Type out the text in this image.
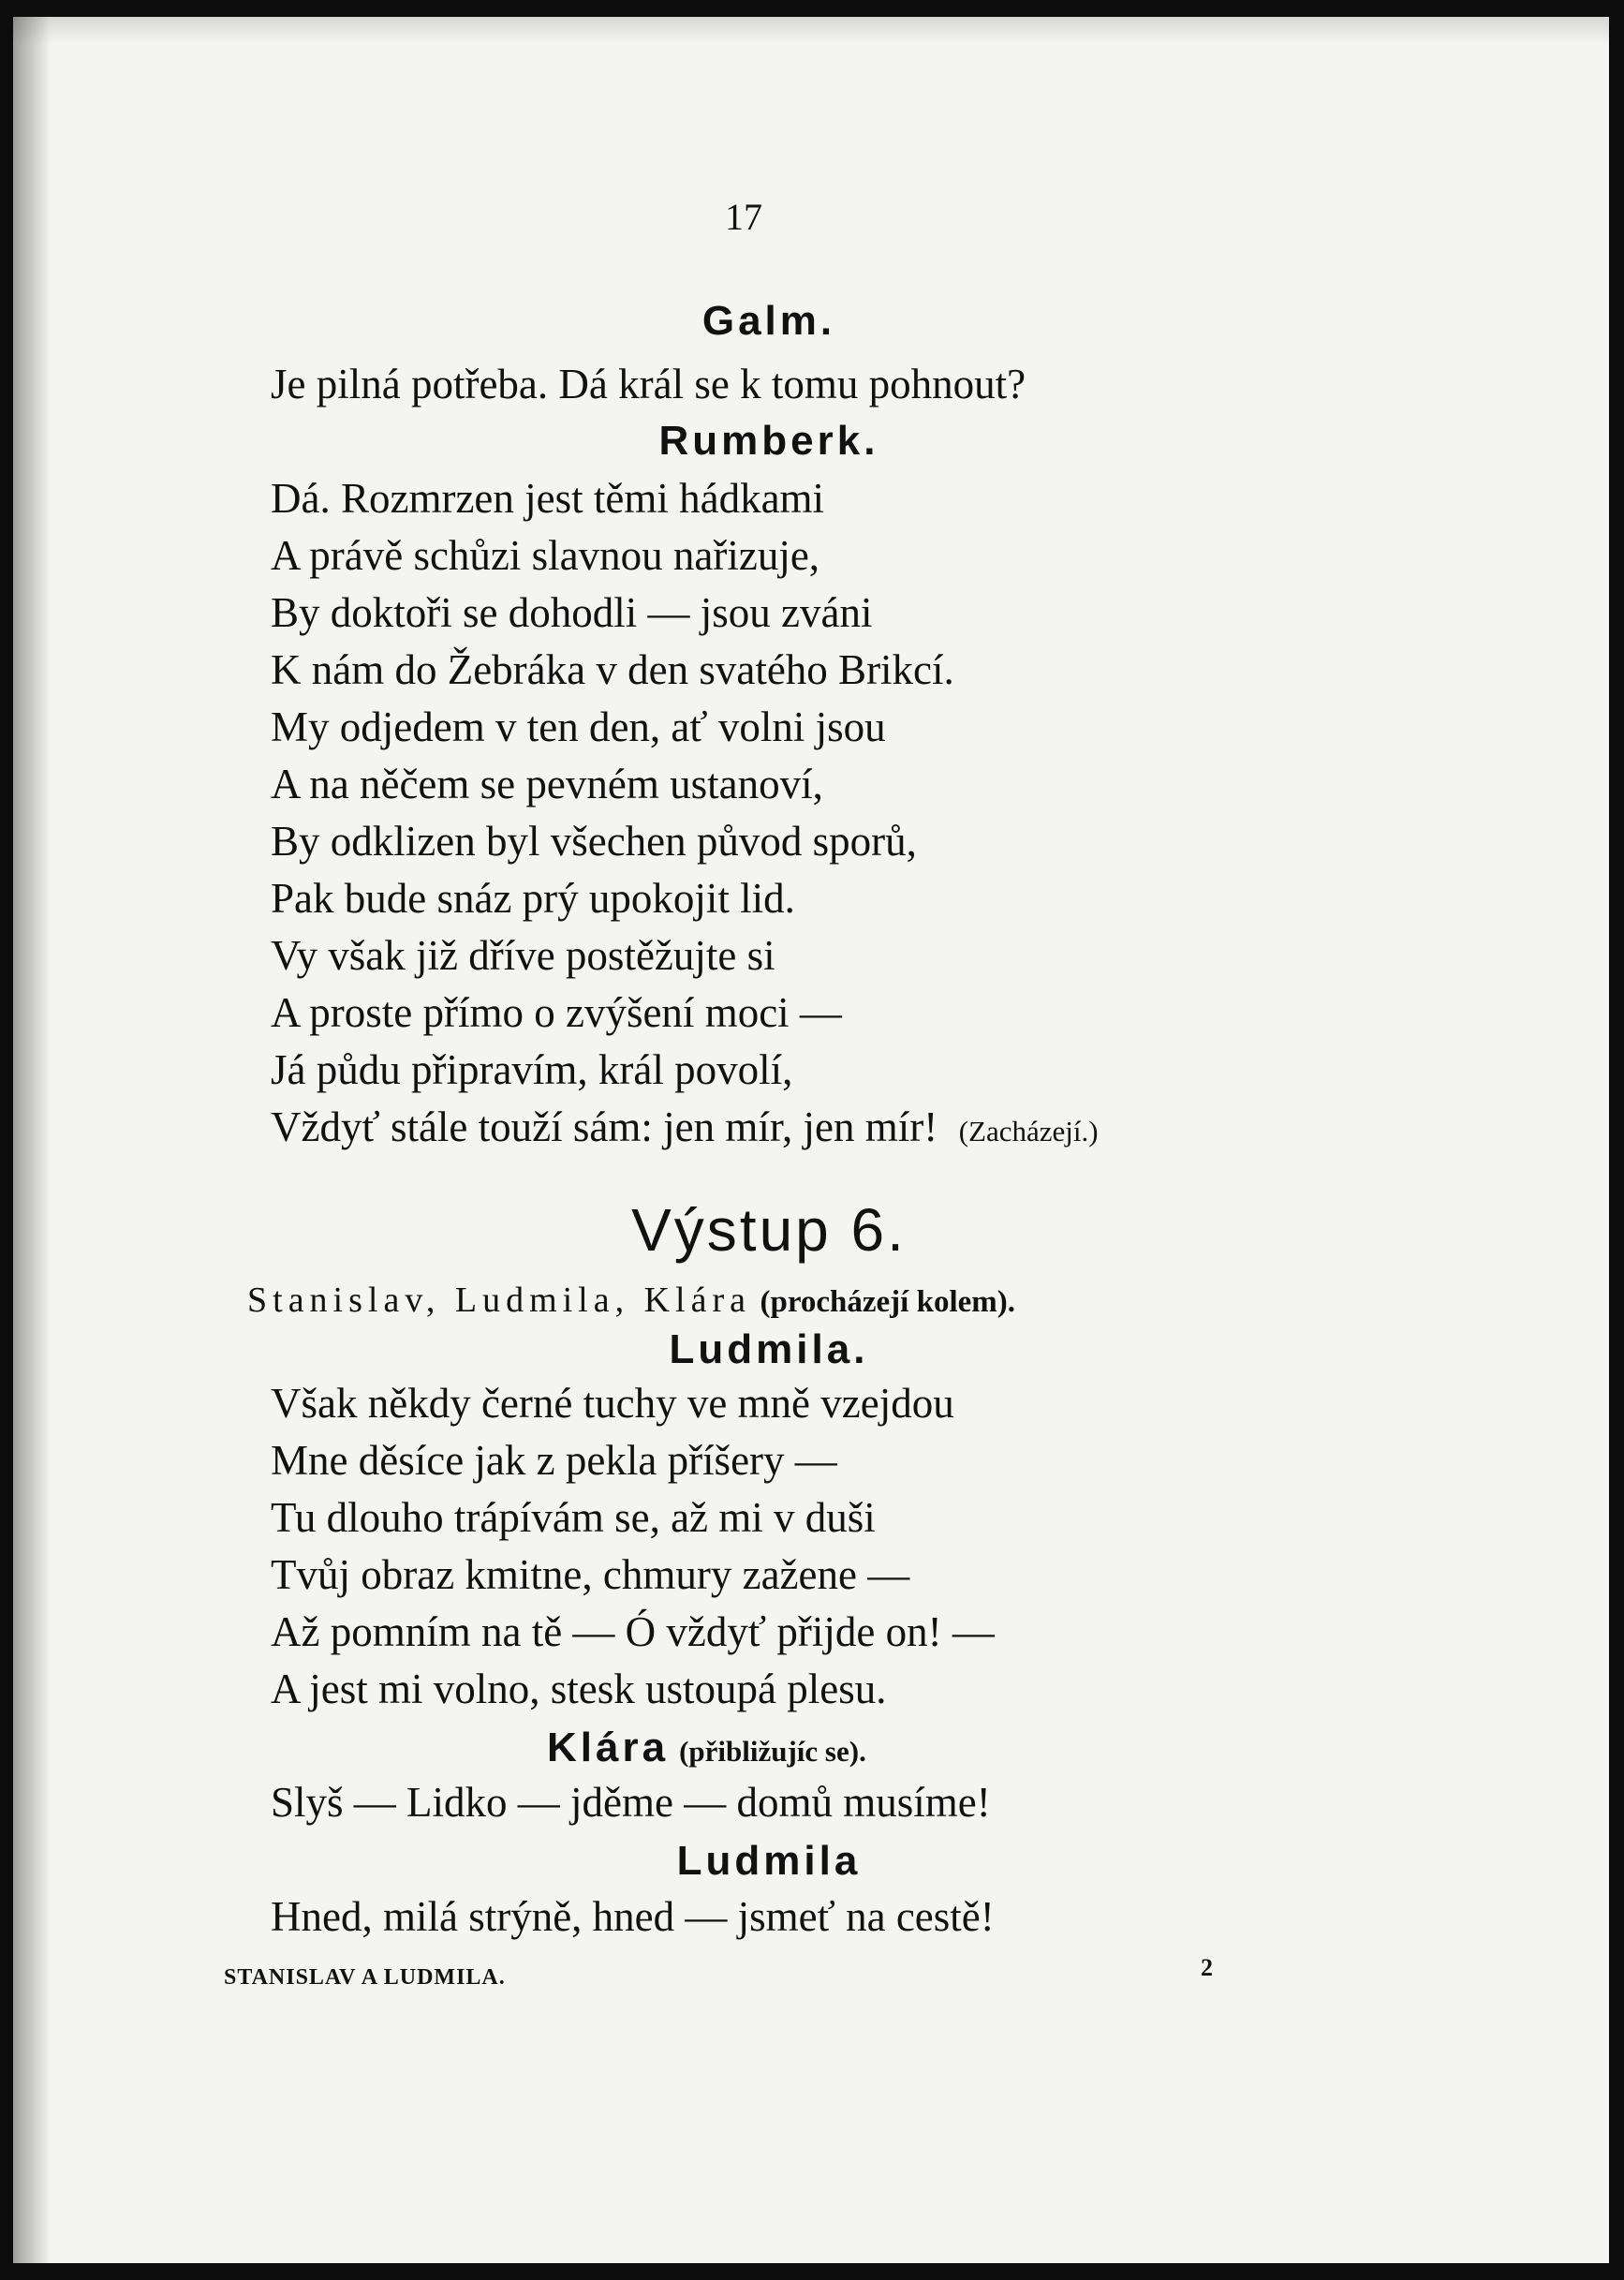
17

Galm.

Je pilná potřeba. Dá král se k tomu pohnout?

Rumberk.

Dá. Rozmrzen jest těmi hádkami

A právě schůzi slavnou nařizuje,

By doktoři se dohodli — jsou zváni

K nám do Žebráka v den svatého Brikcí.

My odjedem v ten den, ať volni jsou

A na něčem se pevném ustanoví,

By odklizen byl všechen původ sporů,

Pak bude snáz prý upokojit lid.

Vy však již dříve postěžujte si

A proste přímo o zvýšení moci —

Já půdu připravím, král povolí,

Vždyť stále touží sám: jen mír, jen mír! (Zacházejí.)

Výstup 6.

Stanislav, Ludmila, Klára (procházejí kolem).

Ludmila.

Však někdy černé tuchy ve mně vzejdou

Mne děsíce jak z pekla příšery —

Tu dlouho trápívám se, až mi v duši

Tvůj obraz kmitne, chmury zažene —

Až pomním na tě — Ó vždyť přijde on! —

A jest mi volno, stesk ustoupá plesu.

Klára (přibližujíc se).

Slyš — Lidko — jděme — domů musíme!

Ludmila

Hned, milá strýně, hned — jsmeť na cestě!

STANISLAV A LUDMILA.	2
